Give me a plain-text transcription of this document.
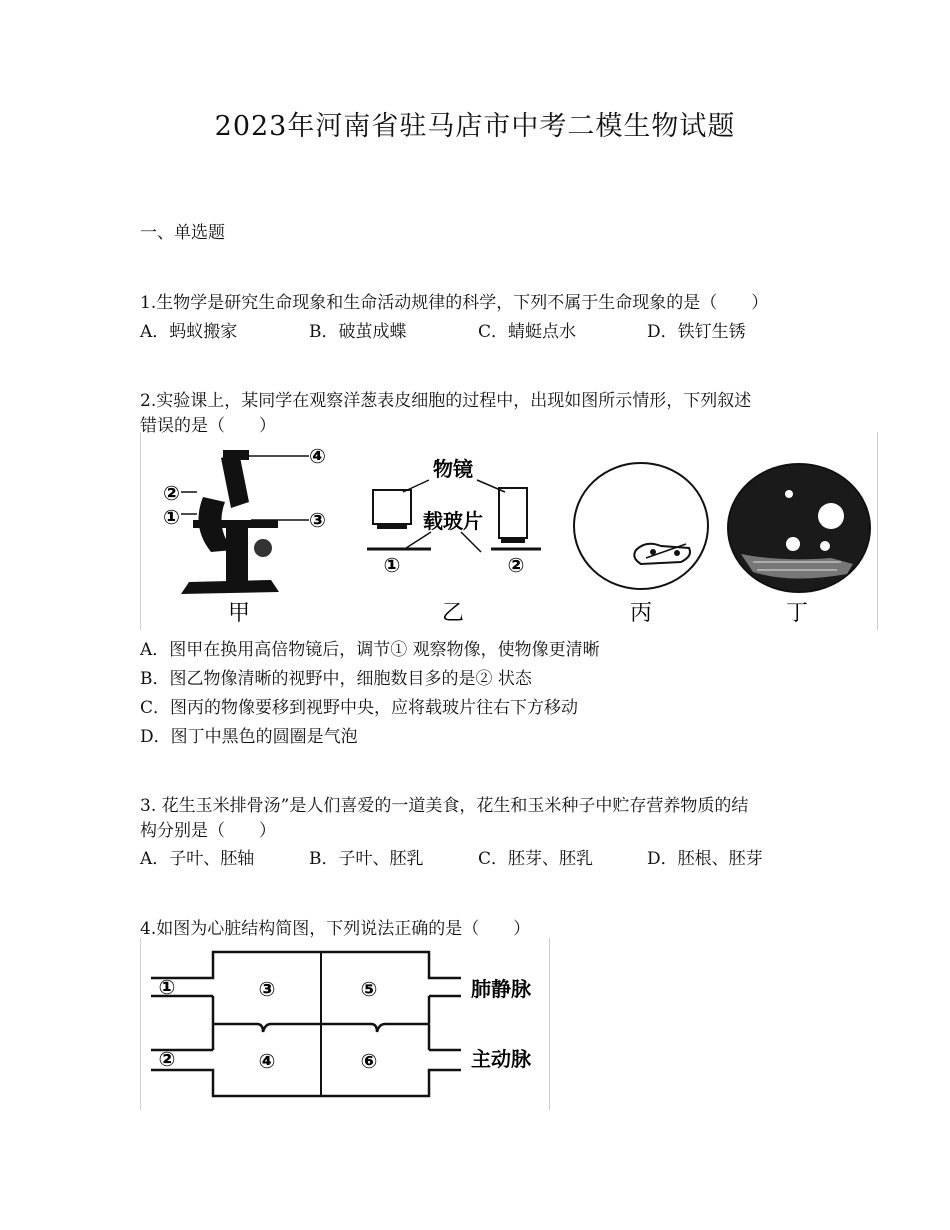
2023年河南省驻马店市中考二模生物试题
一、单选题
1.生物学是研究生命现象和生命活动规律的科学，下列不属于生命现象的是（　　）
A．蚂蚁搬家	B．破茧成蝶	C．蜻蜓点水	D．铁钉生锈
2.实验课上，某同学在观察洋葱表皮细胞的过程中，出现如图所示情形，下列叙述
错误的是（　　）
②
①
④
③
甲
物镜
载玻片
①	②
乙	丙	丁
A．图甲在换用高倍物镜后，调节① 观察物像，使物像更清晰
B．图乙物像清晰的视野中，细胞数目多的是② 状态
C．图丙的物像要移到视野中央，应将载玻片往右下方移动
D．图丁中黑色的圆圈是气泡
3. 花生玉米排骨汤”是人们喜爱的一道美食，花生和玉米种子中贮存营养物质的结
构分别是（　　）
A．子叶、胚轴	B．子叶、胚乳	C．胚芽、胚乳	D．胚根、胚芽
4.如图为心脏结构简图，下列说法正确的是（　　）
①
②
③
④
⑤
⑥
肺静脉
主动脉
